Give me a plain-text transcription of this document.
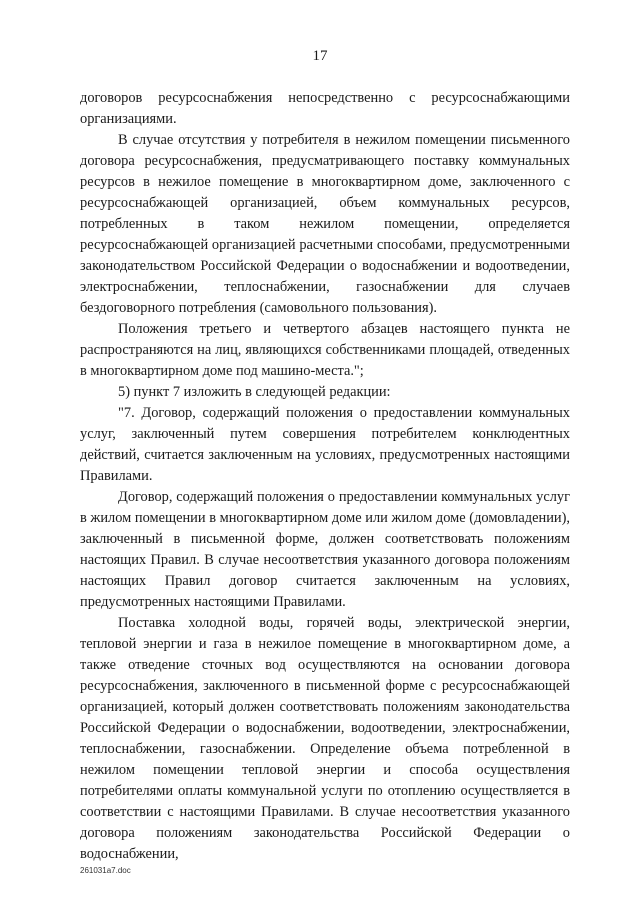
17

договоров ресурсоснабжения непосредственно с ресурсоснабжающими организациями.

В случае отсутствия у потребителя в нежилом помещении письменного договора ресурсоснабжения, предусматривающего поставку коммунальных ресурсов в нежилое помещение в многоквартирном доме, заключенного с ресурсоснабжающей организацией, объем коммунальных ресурсов, потребленных в таком нежилом помещении, определяется ресурсоснабжающей организацией расчетными способами, предусмотренными законодательством Российской Федерации о водоснабжении и водоотведении, электроснабжении, теплоснабжении, газоснабжении для случаев бездоговорного потребления (самовольного пользования).

Положения третьего и четвертого абзацев настоящего пункта не распространяются на лиц, являющихся собственниками площадей, отведенных в многоквартирном доме под машино-места.";

5) пункт 7 изложить в следующей редакции:

"7. Договор, содержащий положения о предоставлении коммунальных услуг, заключенный путем совершения потребителем конклюдентных действий, считается заключенным на условиях, предусмотренных настоящими Правилами.

Договор, содержащий положения о предоставлении коммунальных услуг в жилом помещении в многоквартирном доме или жилом доме (домовладении), заключенный в письменной форме, должен соответствовать положениям настоящих Правил. В случае несоответствия указанного договора положениям настоящих Правил договор считается заключенным на условиях, предусмотренных настоящими Правилами.

Поставка холодной воды, горячей воды, электрической энергии, тепловой энергии и газа в нежилое помещение в многоквартирном доме, а также отведение сточных вод осуществляются на основании договора ресурсоснабжения, заключенного в письменной форме с ресурсоснабжающей организацией, который должен соответствовать положениям законодательства Российской Федерации о водоснабжении, водоотведении, электроснабжении, теплоснабжении, газоснабжении. Определение объема потребленной в нежилом помещении тепловой энергии и способа осуществления потребителями оплаты коммунальной услуги по отоплению осуществляется в соответствии с настоящими Правилами. В случае несоответствия указанного договора положениям законодательства Российской Федерации о водоснабжении,

261031a7.doc
